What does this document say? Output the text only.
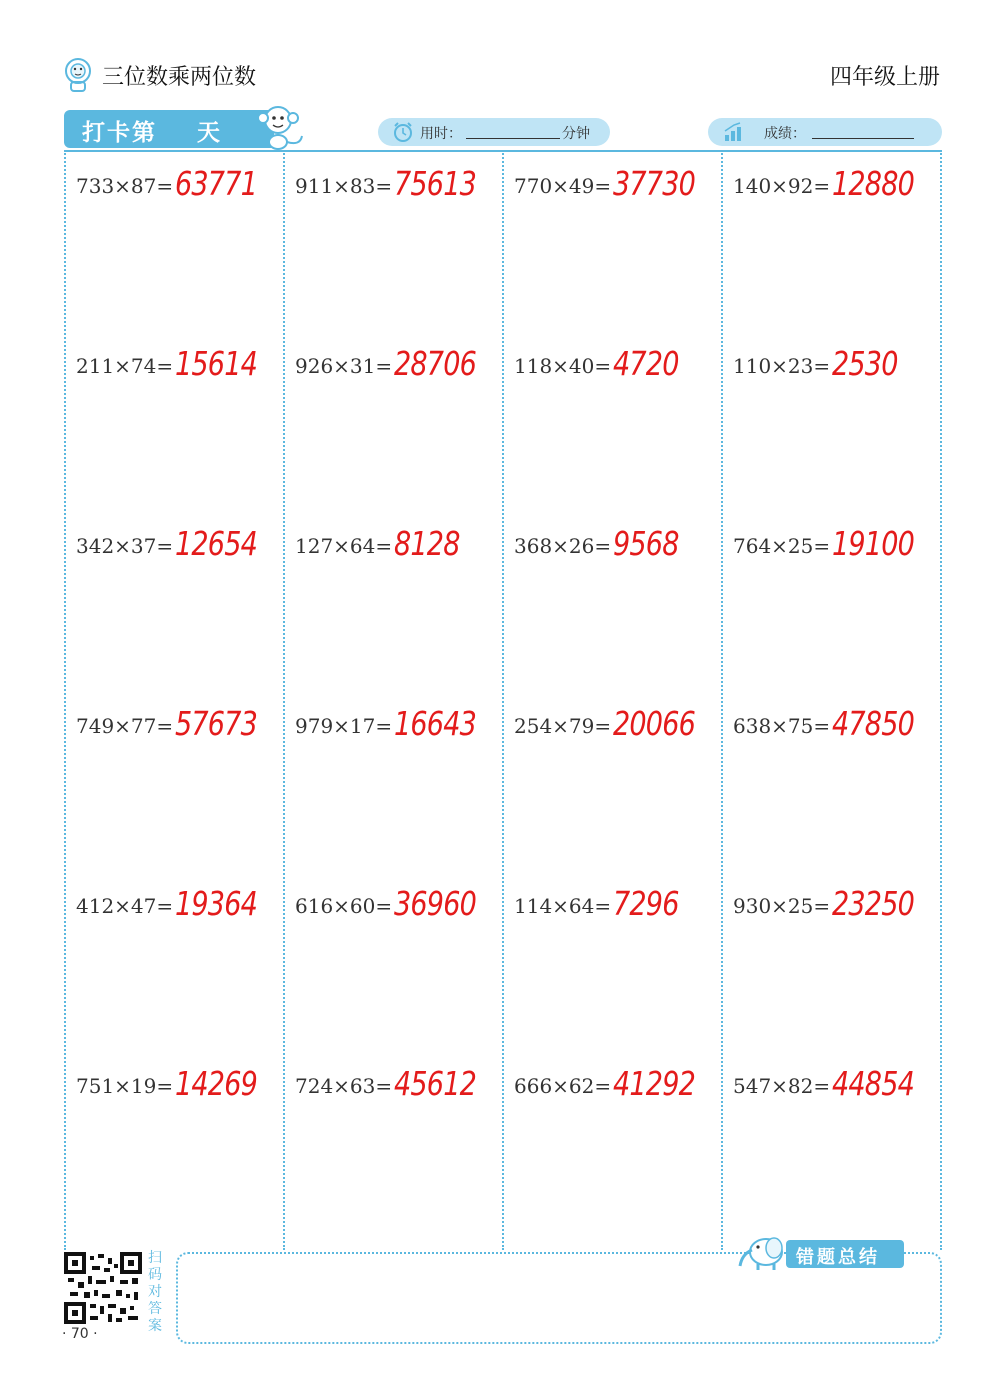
三位数乘两位数	四年级上册
打卡第    天	用时：	分钟	成绩：
733×87= 63771 911×83= 75613 770×49= 37730 140×92= 12880
211×74= 15614 926×31= 28706 118×40= 4720	110×23= 2530
342×37= 12654 127×64= 8128	368×26= 9568	764×25= 19100
749×77= 57673 979×17= 16643 254×79= 20066 638×75= 47850
412×47= 19364 616×60= 36960 114×64= 7296	930×25= 23250
751×19= 14269 724×63= 45612 666×62= 41292 547×82= 44854
错题总结
扫码对答案
· 70 ·
